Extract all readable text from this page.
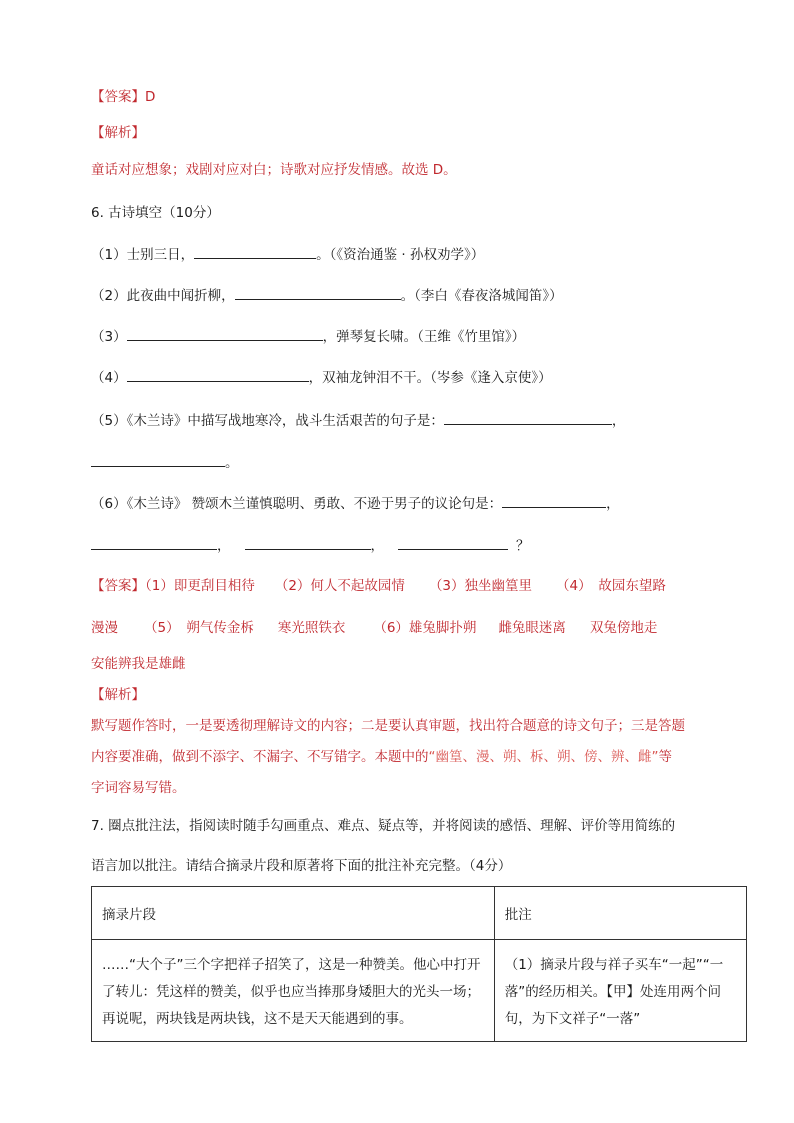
【答案】D
【解析】
童话对应想象；戏剧对应对白；诗歌对应抒发情感。故选 D。
6. 古诗填空（10分）
（1）士别三日，	。（《资治通鉴 · 孙权劝学》）
（2）此夜曲中闻折柳，	。（李白《春夜洛城闻笛》）
（3）	，弹琴复长啸。（王维《竹里馆》）
（4）	，双袖龙钟泪不干。（岑参《逢入京使》）
（5）《木兰诗》中描写战地寒冷，战斗生活艰苦的句子是：	，
。
（6）《木兰诗》 赞颂木兰谨慎聪明、勇敢、不逊于男子的议论句是：	，
，	，	？
【答案】（1）即更刮目相待 （2）何人不起故园情 （3）独坐幽篁里 （4）　故园东望路
漫漫 （5）　朔气传金柝 寒光照铁衣 （6）雄兔脚扑朔 雌兔眼迷离 双兔傍地走
安能辨我是雄雌
【解析】
默写题作答时，一是要透彻理解诗文的内容；二是要认真审题，找出符合题意的诗文句子；三是答题
内容要准确，做到不添字、不漏字、不写错字。本题中的“幽篁、漫、朔、柝、朔、傍、辨、雌”等
字词容易写错。
7. 圈点批注法，指阅读时随手勾画重点、难点、疑点等，并将阅读的感悟、理解、评价等用简练的
语言加以批注。请结合摘录片段和原著将下面的批注补充完整。（4分）
摘录片段	批注
……“大个子”三个字把祥子招笑了，这是一种赞美。他心中打开了转儿：凭这样的赞美，似乎也应当捧那身矮胆大的光头一场；再说呢，两块钱是两块钱，这不是天天能遇到的事。	（1）摘录片段与祥子买车“一起”“一落”的经历相关。【甲】处连用两个问句，为下文祥子“一落”
